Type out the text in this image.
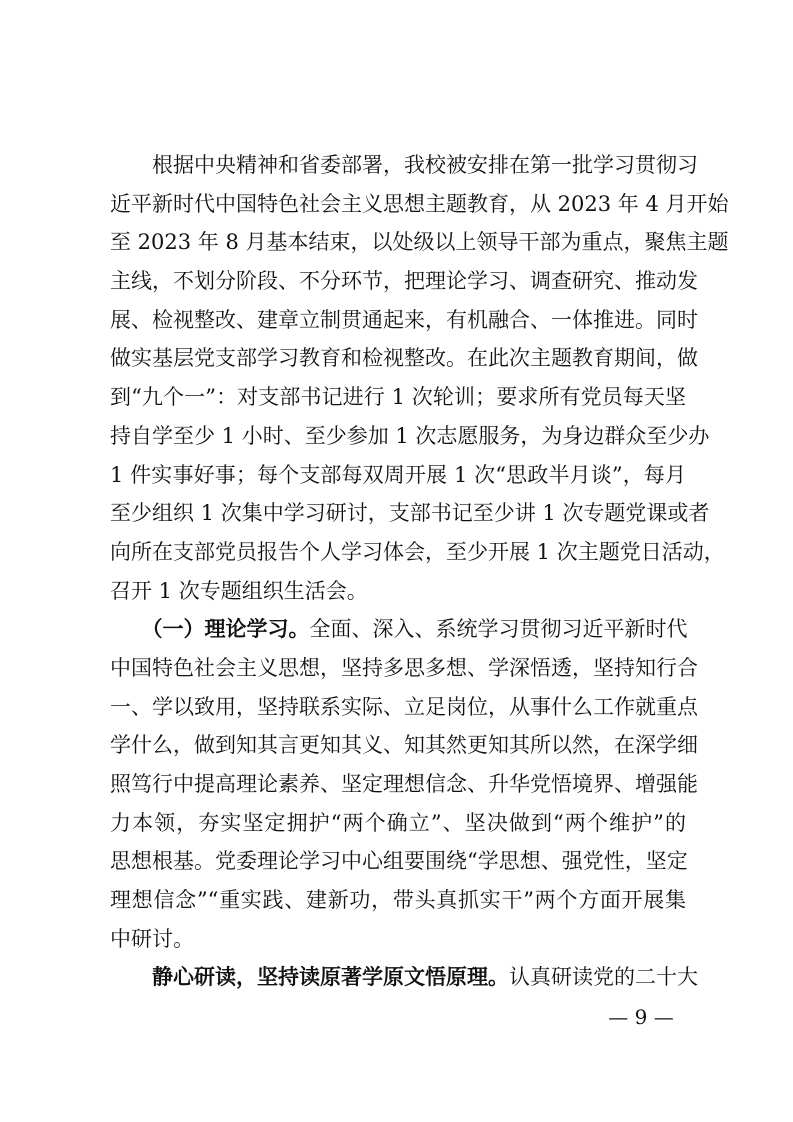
　　根据中央精神和省委部署，我校被安排在第一批学习贯彻习
近平新时代中国特色社会主义思想主题教育，从 2023 年 4 月开始
至 2023 年 8 月基本结束，以处级以上领导干部为重点，聚焦主题
主线，不划分阶段、不分环节，把理论学习、调查研究、推动发
展、检视整改、建章立制贯通起来，有机融合、一体推进。同时
做实基层党支部学习教育和检视整改。在此次主题教育期间，做
到“九个一”：对支部书记进行 1 次轮训；要求所有党员每天坚
持自学至少 1 小时、至少参加 1 次志愿服务，为身边群众至少办
1 件实事好事；每个支部每双周开展 1 次“思政半月谈”，每月
至少组织 1 次集中学习研讨，支部书记至少讲 1 次专题党课或者
向所在支部党员报告个人学习体会，至少开展 1 次主题党日活动，
召开 1 次专题组织生活会。
　　（一）理论学习。全面、深入、系统学习贯彻习近平新时代
中国特色社会主义思想，坚持多思多想、学深悟透，坚持知行合
一、学以致用，坚持联系实际、立足岗位，从事什么工作就重点
学什么，做到知其言更知其义、知其然更知其所以然，在深学细
照笃行中提高理论素养、坚定理想信念、升华党悟境界、增强能
力本领，夯实坚定拥护“两个确立”、坚决做到“两个维护”的
思想根基。党委理论学习中心组要围绕“学思想、强党性，坚定
理想信念”“重实践、建新功，带头真抓实干”两个方面开展集
中研讨。
　　静心研读，坚持读原著学原文悟原理。认真研读党的二十大
— 9 —
